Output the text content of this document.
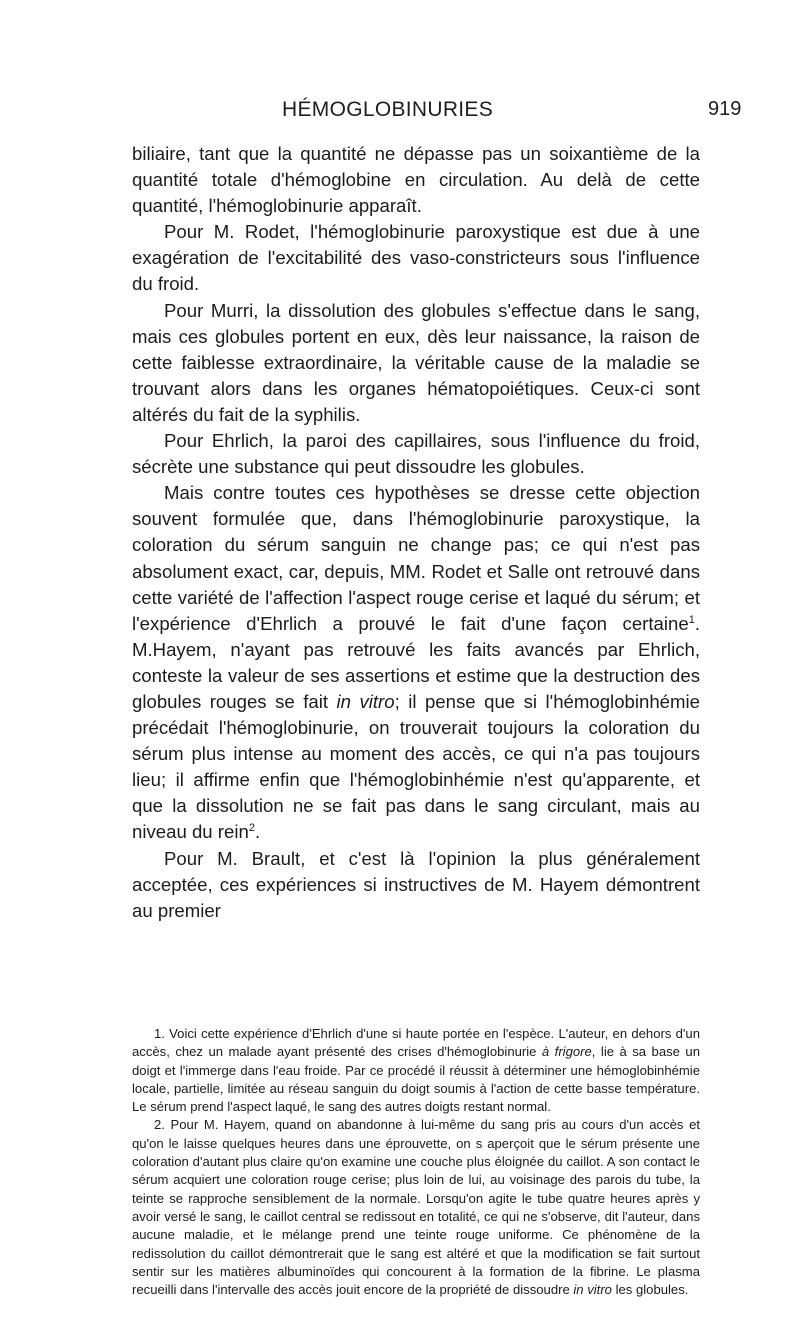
HÉMOGLOBINURIES	919

biliaire, tant que la quantité ne dépasse pas un soixantième de la quantité totale d'hémoglobine en circulation. Au delà de cette quantité, l'hémoglobinurie apparaît.

Pour M. Rodet, l'hémoglobinurie paroxystique est due à une exagération de l'excitabilité des vaso-constricteurs sous l'influence du froid.

Pour Murri, la dissolution des globules s'effectue dans le sang, mais ces globules portent en eux, dès leur naissance, la raison de cette faiblesse extraordinaire, la véritable cause de la maladie se trouvant alors dans les organes hématopoiétiques. Ceux-ci sont altérés du fait de la syphilis.

Pour Ehrlich, la paroi des capillaires, sous l'influence du froid, sécrète une substance qui peut dissoudre les globules.

Mais contre toutes ces hypothèses se dresse cette objection souvent formulée que, dans l'hémoglobinurie paroxystique, la coloration du sérum sanguin ne change pas; ce qui n'est pas absolument exact, car, depuis, MM. Rodet et Salle ont retrouvé dans cette variété de l'affection l'aspect rouge cerise et laqué du sérum; et l'expérience d'Ehrlich a prouvé le fait d'une façon certaine$^1$. M.Hayem, n'ayant pas retrouvé les faits avancés par Ehrlich, conteste la valeur de ses assertions et estime que la destruction des globules rouges se fait in vitro; il pense que si l'hémoglobinhémie précédait l'hémoglobinurie, on trouverait toujours la coloration du sérum plus intense au moment des accès, ce qui n'a pas toujours lieu; il affirme enfin que l'hémoglobinhémie n'est qu'apparente, et que la dissolution ne se fait pas dans le sang circulant, mais au niveau du rein$^2$.

Pour M. Brault, et c'est là l'opinion la plus généralement acceptée, ces expériences si instructives de M. Hayem démontrent au premier

1. Voici cette expérience d'Ehrlich d'une si haute portée en l'espèce. L'auteur, en dehors d'un accès, chez un malade ayant présenté des crises d'hémoglobinurie à frigore, lie à sa base un doigt et l'immerge dans l'eau froide. Par ce procédé il réussit à déterminer une hémoglobinhémie locale, partielle, limitée au réseau sanguin du doigt soumis à l'action de cette basse température. Le sérum prend l'aspect laqué, le sang des autres doigts restant normal.

2. Pour M. Hayem, quand on abandonne à lui-même du sang pris au cours d'un accès et qu'on le laisse quelques heures dans une éprouvette, on s aperçoit que le sérum présente une coloration d'autant plus claire qu'on examine une couche plus éloignée du caillot. A son contact le sérum acquiert une coloration rouge cerise; plus loin de lui, au voisinage des parois du tube, la teinte se rapproche sensiblement de la normale. Lorsqu'on agite le tube quatre heures après y avoir versé le sang, le caillot central se redissout en totalité, ce qui ne s'observe, dit l'auteur, dans aucune maladie, et le mélange prend une teinte rouge uniforme. Ce phénomène de la redissolution du caillot démontrerait que le sang est altéré et que la modification se fait surtout sentir sur les matières albuminoïdes qui concourent à la formation de la fibrine. Le plasma recueilli dans l'intervalle des accès jouit encore de la propriété de dissoudre in vitro les globules.
